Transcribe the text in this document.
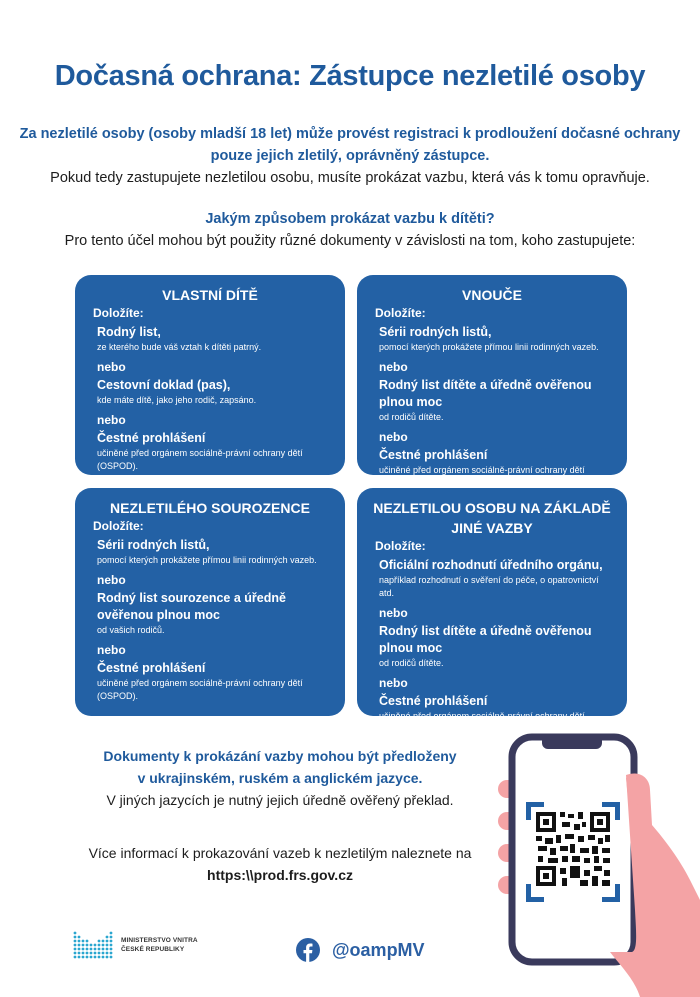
Dočasná ochrana: Zástupce nezletilé osoby
Za nezletilé osoby (osoby mladší 18 let) může provést registraci k prodloužení dočasné ochrany
pouze jejich zletilý, oprávněný zástupce.
Pokud tedy zastupujete nezletilou osobu, musíte prokázat vazbu, která vás k tomu opravňuje.
Jakým způsobem prokázat vazbu k dítěti?
Pro tento účel mohou být použity různé dokumenty v závislosti na tom, koho zastupujete:
VLASTNÍ DÍTĚ
Doložíte:
Rodný list,
ze kterého bude váš vztah k dítěti patrný.
nebo
Cestovní doklad (pas),
kde máte dítě, jako jeho rodič, zapsáno.
nebo
Čestné prohlášení
učiněné před orgánem sociálně-právní ochrany dětí (OSPOD).
VNOUČE
Doložíte:
Sérii rodných listů,
pomocí kterých prokážete přímou linii rodinných vazeb.
nebo
Rodný list dítěte a úředně ověřenou plnou moc
od rodičů dítěte.
nebo
Čestné prohlášení
učiněné před orgánem sociálně-právní ochrany dětí (OSPOD).
NEZLETILÉHO SOUROZENCE
Doložíte:
Sérii rodných listů,
pomocí kterých prokážete přímou linii rodinných vazeb.
nebo
Rodný list sourozence a úředně ověřenou plnou moc
od vašich rodičů.
nebo
Čestné prohlášení
učiněné před orgánem sociálně-právní ochrany dětí (OSPOD).
NEZLETILOU OSOBU NA ZÁKLADĚ JINÉ VAZBY
Doložíte:
Oficiální rozhodnutí úředního orgánu,
například rozhodnutí o svěření do péče, o opatrovnictví atd.
nebo
Rodný list dítěte a úředně ověřenou plnou moc
od rodičů dítěte.
nebo
Čestné prohlášení
učiněné před orgánem sociálně-právní ochrany dětí (OSPOD).
Dokumenty k prokázání vazby mohou být předloženy
v ukrajinském, ruském a anglickém jazyce.
V jiných jazycích je nutný jejich úředně ověřený překlad.
Více informací k prokazování vazeb k nezletilým naleznete na
https:\\prod.frs.gov.cz
MINISTERSTVO VNITRA
ČESKÉ REPUBLIKY	@oampMV
